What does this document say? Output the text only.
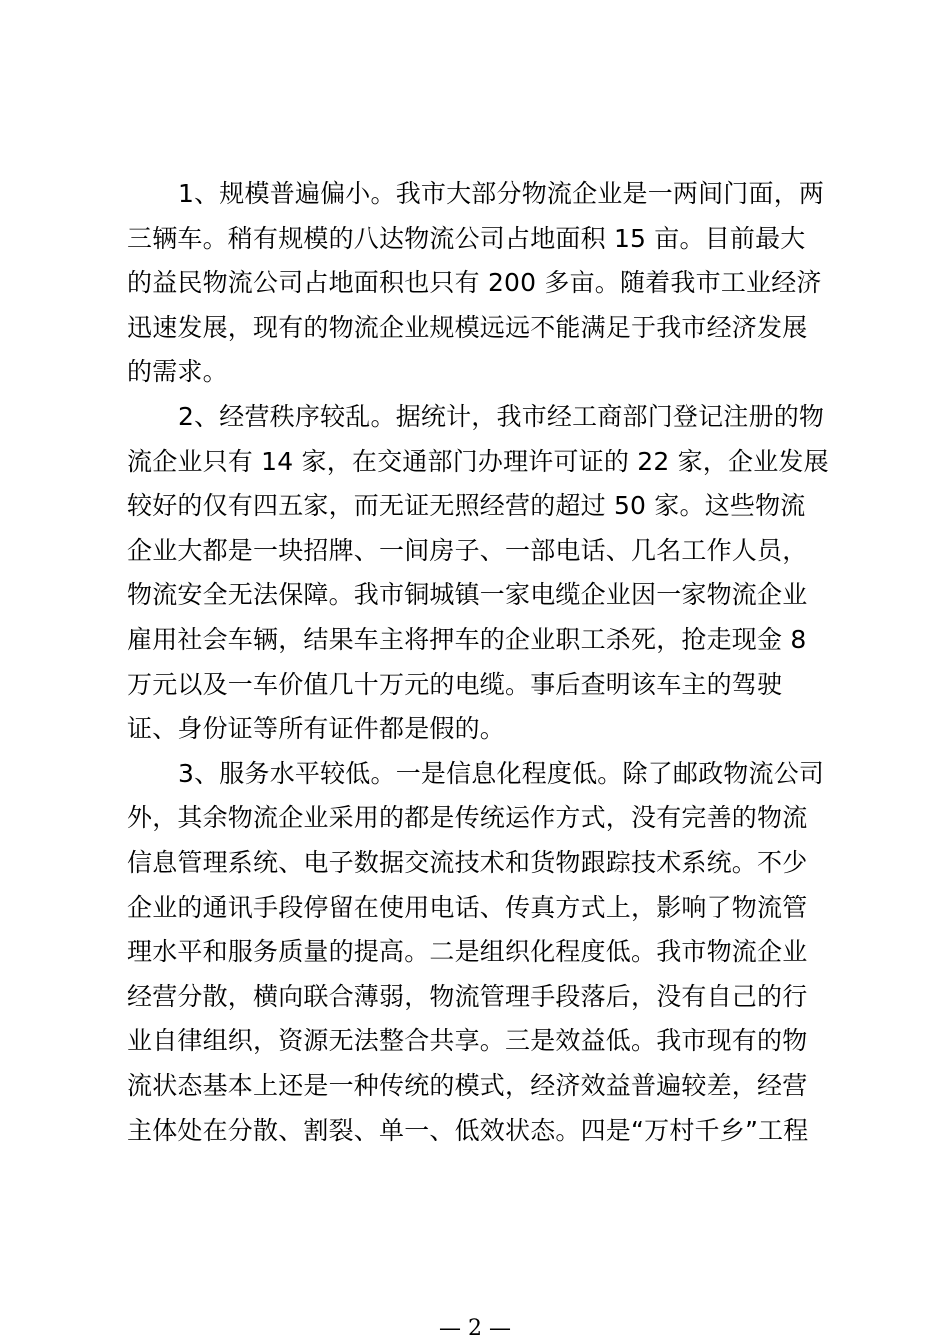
1、规模普遍偏小。我市大部分物流企业是一两间门面，两
三辆车。稍有规模的八达物流公司占地面积 15 亩。目前最大
的益民物流公司占地面积也只有 200 多亩。随着我市工业经济
迅速发展，现有的物流企业规模远远不能满足于我市经济发展
的需求。
2、经营秩序较乱。据统计，我市经工商部门登记注册的物
流企业只有 14 家，在交通部门办理许可证的 22 家，企业发展
较好的仅有四五家，而无证无照经营的超过 50 家。这些物流
企业大都是一块招牌、一间房子、一部电话、几名工作人员，
物流安全无法保障。我市铜城镇一家电缆企业因一家物流企业
雇用社会车辆，结果车主将押车的企业职工杀死，抢走现金 8
万元以及一车价值几十万元的电缆。事后查明该车主的驾驶
证、身份证等所有证件都是假的。
3、服务水平较低。一是信息化程度低。除了邮政物流公司
外，其余物流企业采用的都是传统运作方式，没有完善的物流
信息管理系统、电子数据交流技术和货物跟踪技术系统。不少
企业的通讯手段停留在使用电话、传真方式上，影响了物流管
理水平和服务质量的提高。二是组织化程度低。我市物流企业
经营分散，横向联合薄弱，物流管理手段落后，没有自己的行
业自律组织，资源无法整合共享。三是效益低。我市现有的物
流状态基本上还是一种传统的模式，经济效益普遍较差，经营
主体处在分散、割裂、单一、低效状态。四是“万村千乡”工程
— 2 —
